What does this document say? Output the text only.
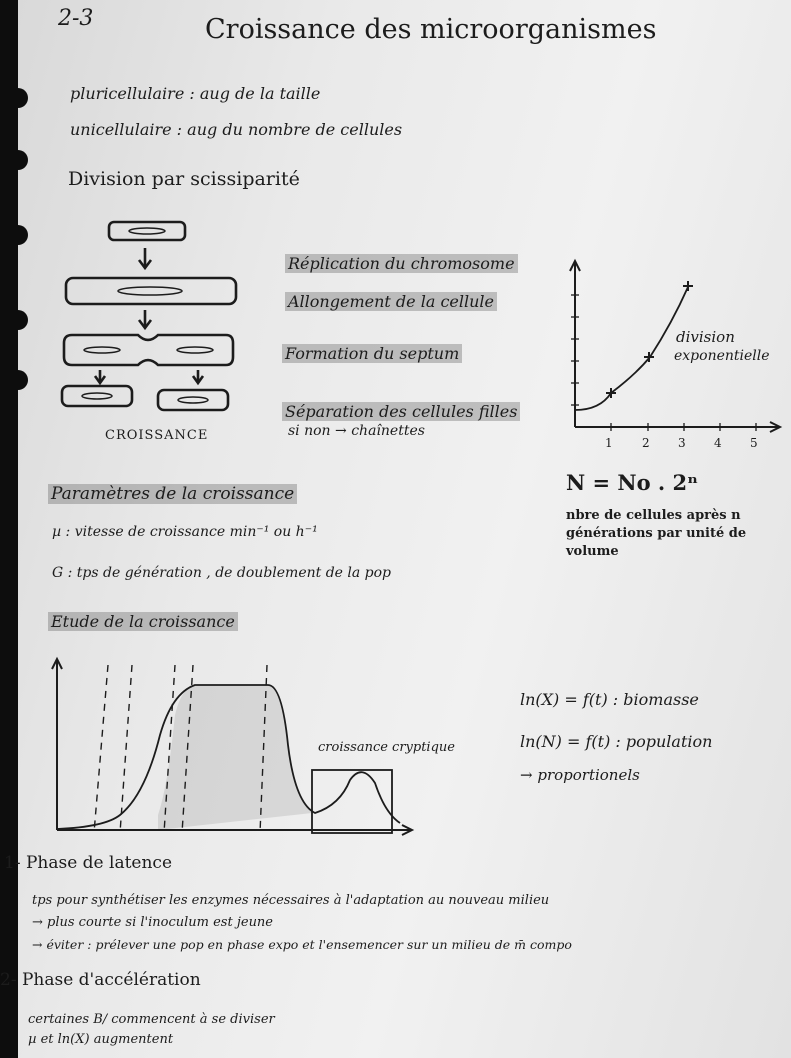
2-3	Croissance des microorganismes
pluricellulaire : aug de la taille
unicellulaire : aug du nombre de cellules
Division par scissiparité
CROISSANCE
Réplication du chromosome
Allongement de la cellule
Formation du septum
Séparation des cellules filles
si non → chaînettes
1 2 3 4 5
division
exponentielle
N = No . 2ⁿ
nbre de cellules après n
générations par unité de
volume
Paramètres de la croissance
µ : vitesse de croissance min⁻¹ ou h⁻¹
G : tps de génération , de doublement de la pop
Etude de la croissance
croissance cryptique
ln(X) = f(t) : biomasse
ln(N) = f(t) : population
→ proportionels
1- Phase de latence
tps pour synthétiser les enzymes nécessaires à l'adaptation au nouveau milieu
→ plus courte si l'inoculum est jeune
→ éviter : prélever une pop en phase expo et l'ensemencer sur un milieu de m̄ compo
2- Phase d'accélération
certaines B/ commencent à se diviser
µ et ln(X) augmentent
